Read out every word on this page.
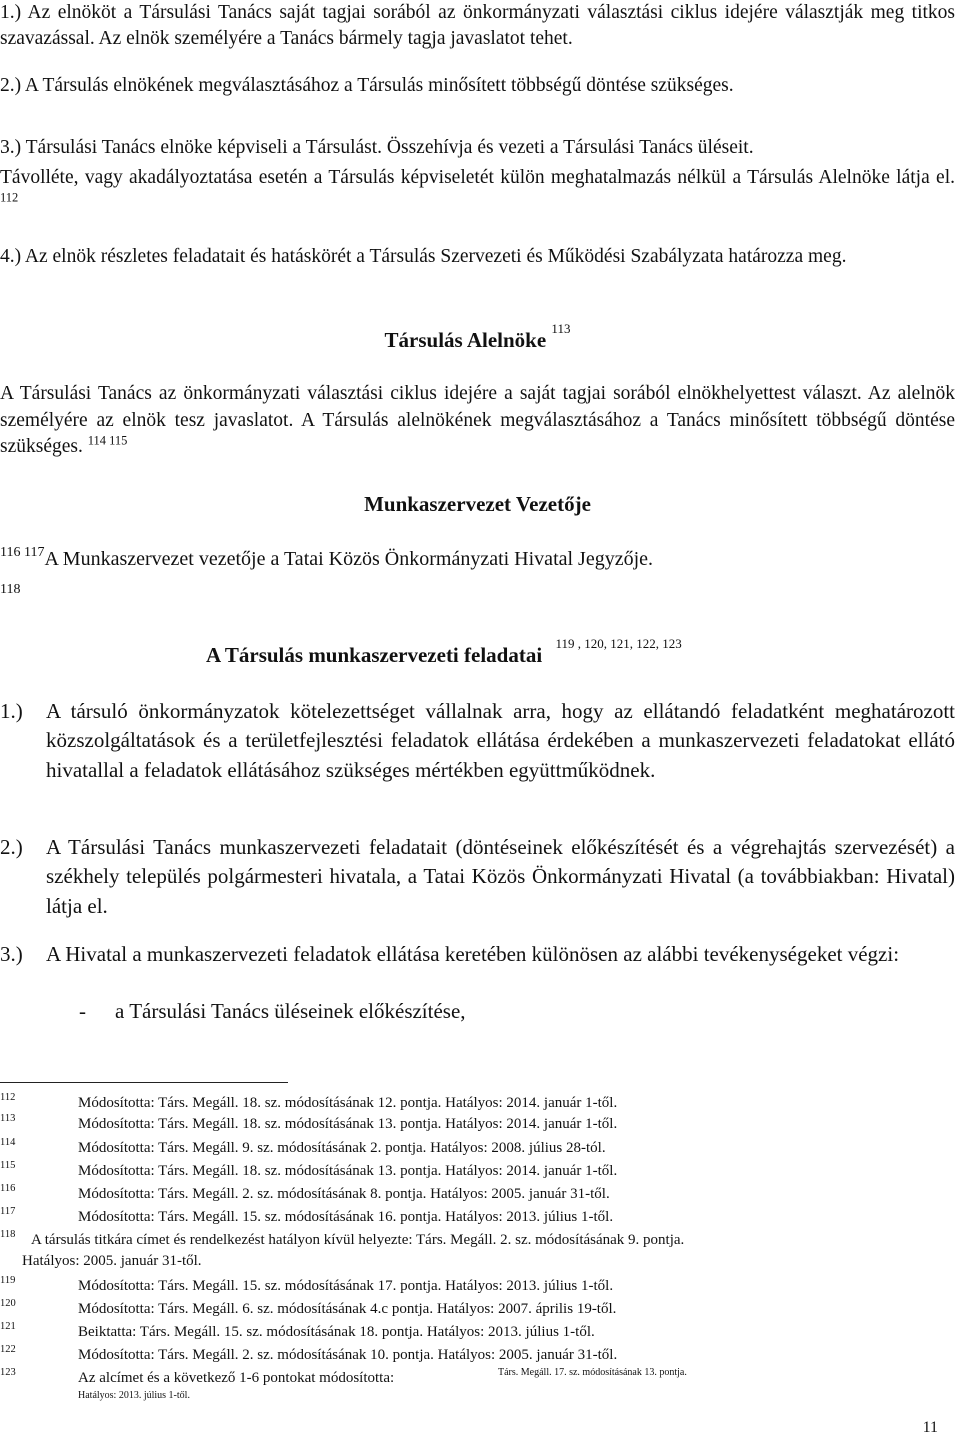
1.) Az elnököt a Társulási Tanács saját tagjai sorából az önkormányzati választási ciklus idejére választják meg titkos szavazással. Az elnök személyére a Tanács bármely tagja javaslatot tehet.

2.) A Társulás elnökének megválasztásához a Társulás minősített többségű döntése szükséges.

3.) Társulási Tanács elnöke képviseli a Társulást. Összehívja és vezeti a Társulási Tanács üléseit.
Távolléte, vagy akadályoztatása esetén a Társulás képviseletét külön meghatalmazás nélkül a Társulás Alelnöke látja el. $^{112}$

4.) Az elnök részletes feladatait és hatáskörét a Társulás Szervezeti és Működési Szabályzata határozza meg.

Társulás Alelnöke $^{113}$
A Társulási Tanács az önkormányzati választási ciklus idejére a saját tagjai sorából elnökhelyettest választ. Az alelnök személyére az elnök tesz javaslatot. A Társulás alelnökének megválasztásához a Tanács minősített többségű döntése szükséges. $^{114 115}$
Munkaszervezet Vezetője
$^{116 117}$A Munkaszervezet vezetője a Tatai Közös Önkormányzati Hivatal Jegyzője.
118
A Társulás munkaszervezeti feladatai $^{119 , 120, 121, 122, 123}$
1.)	A társuló önkormányzatok kötelezettséget vállalnak arra, hogy az ellátandó feladatként meghatározott közszolgáltatások és a területfejlesztési feladatok ellátása érdekében a munkaszervezeti feladatokat ellátó hivatallal a feladatok ellátásához szükséges mértékben együttműködnek.
2.)	A Társulási Tanács munkaszervezeti feladatait (döntéseinek előkészítését és a végrehajtás szervezését) a székhely település polgármesteri hivatala, a Tatai Közös Önkormányzati Hivatal (a továbbiakban: Hivatal) látja el.
3.)	A Hivatal a munkaszervezeti feladatok ellátása keretében különösen az alábbi tevékenységeket végzi:
- a Társulási Tanács üléseinek előkészítése,
112	Módosította: Társ. Megáll. 18. sz. módosításának 12. pontja. Hatályos: 2014. január 1-től.
113	Módosította: Társ. Megáll. 18. sz. módosításának 13. pontja. Hatályos: 2014. január 1-től.
114	Módosította: Társ. Megáll. 9. sz. módosításának 2. pontja. Hatályos: 2008. július 28-tól.
115	Módosította: Társ. Megáll. 18. sz. módosításának 13. pontja. Hatályos: 2014. január 1-től.
116	Módosította: Társ. Megáll. 2. sz. módosításának 8. pontja. Hatályos: 2005. január 31-től.
117	Módosította: Társ. Megáll. 15. sz. módosításának 16. pontja. Hatályos: 2013. július 1-től.
118 A társulás titkára címet és rendelkezést hatályon kívül helyezte: Társ. Megáll. 2. sz. módosításának 9. pontja.
Hatályos: 2005. január 31-től.
119	Módosította: Társ. Megáll. 15. sz. módosításának 17. pontja. Hatályos: 2013. július 1-től.
120	Módosította: Társ. Megáll. 6. sz. módosításának 4.c pontja. Hatályos: 2007. április 19-től.
121	Beiktatta: Társ. Megáll. 15. sz. módosításának 18. pontja. Hatályos: 2013. július 1-től.
122	Módosította: Társ. Megáll. 2. sz. módosításának 10. pontja. Hatályos: 2005. január 31-től.
123	Az alcímet és a következő 1-6 pontokat módosította:	Társ. Megáll. 17. sz. módosításának 13. pontja.
Hatályos: 2013. július 1-től.
11
